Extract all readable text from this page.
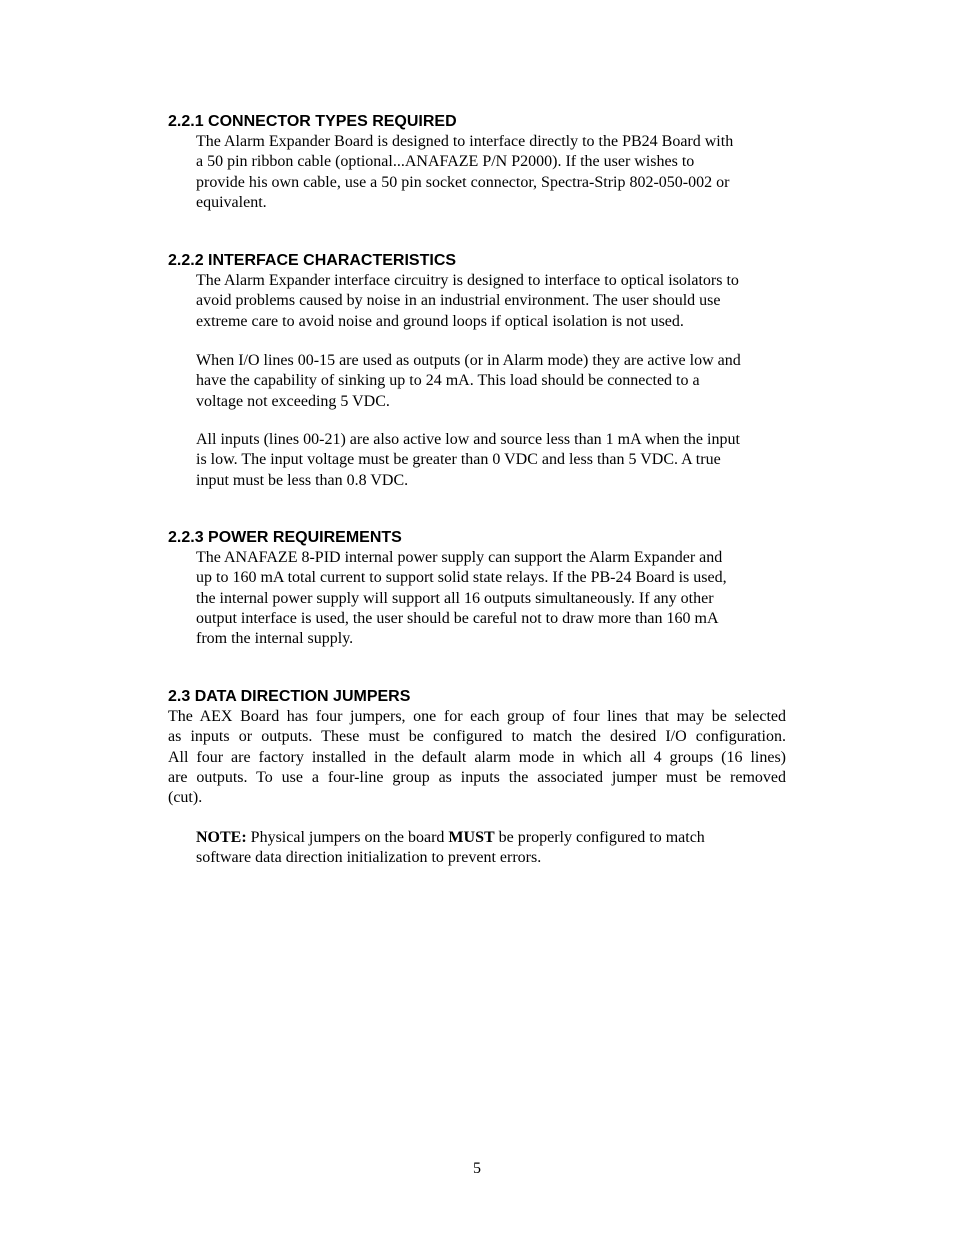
2.2.1 CONNECTOR TYPES REQUIRED

The Alarm Expander Board is designed to interface directly to the PB24 Board with
a 50 pin ribbon cable (optional...ANAFAZE P/N P2000). If the user wishes to
provide his own cable, use a 50 pin socket connector, Spectra-Strip 802-050-002 or
equivalent.

2.2.2 INTERFACE CHARACTERISTICS

The Alarm Expander interface circuitry is designed to interface to optical isolators to
avoid problems caused by noise in an industrial environment. The user should use
extreme care to avoid noise and ground loops if optical isolation is not used.

When I/O lines 00-15 are used as outputs (or in Alarm mode) they are active low and
have the capability of sinking up to 24 mA. This load should be connected to a
voltage not exceeding 5 VDC.

All inputs (lines 00-21) are also active low and source less than 1 mA when the input
is low. The input voltage must be greater than 0 VDC and less than 5 VDC. A true
input must be less than 0.8 VDC.

2.2.3 POWER REQUIREMENTS

The ANAFAZE 8-PID internal power supply can support the Alarm Expander and
up to 160 mA total current to support solid state relays. If the PB-24 Board is used,
the internal power supply will support all 16 outputs simultaneously. If any other
output interface is used, the user should be careful not to draw more than 160 mA
from the internal supply.

2.3 DATA DIRECTION JUMPERS

The AEX Board has four jumpers, one for each group of four lines that may be selected
as inputs or outputs. These must be configured to match the desired I/O configuration.
All four are factory installed in the default alarm mode in which all 4 groups (16 lines)
are outputs. To use a four-line group as inputs the associated jumper must be removed
(cut).

NOTE: Physical jumpers on the board MUST be properly configured to match
software data direction initialization to prevent errors.

5
